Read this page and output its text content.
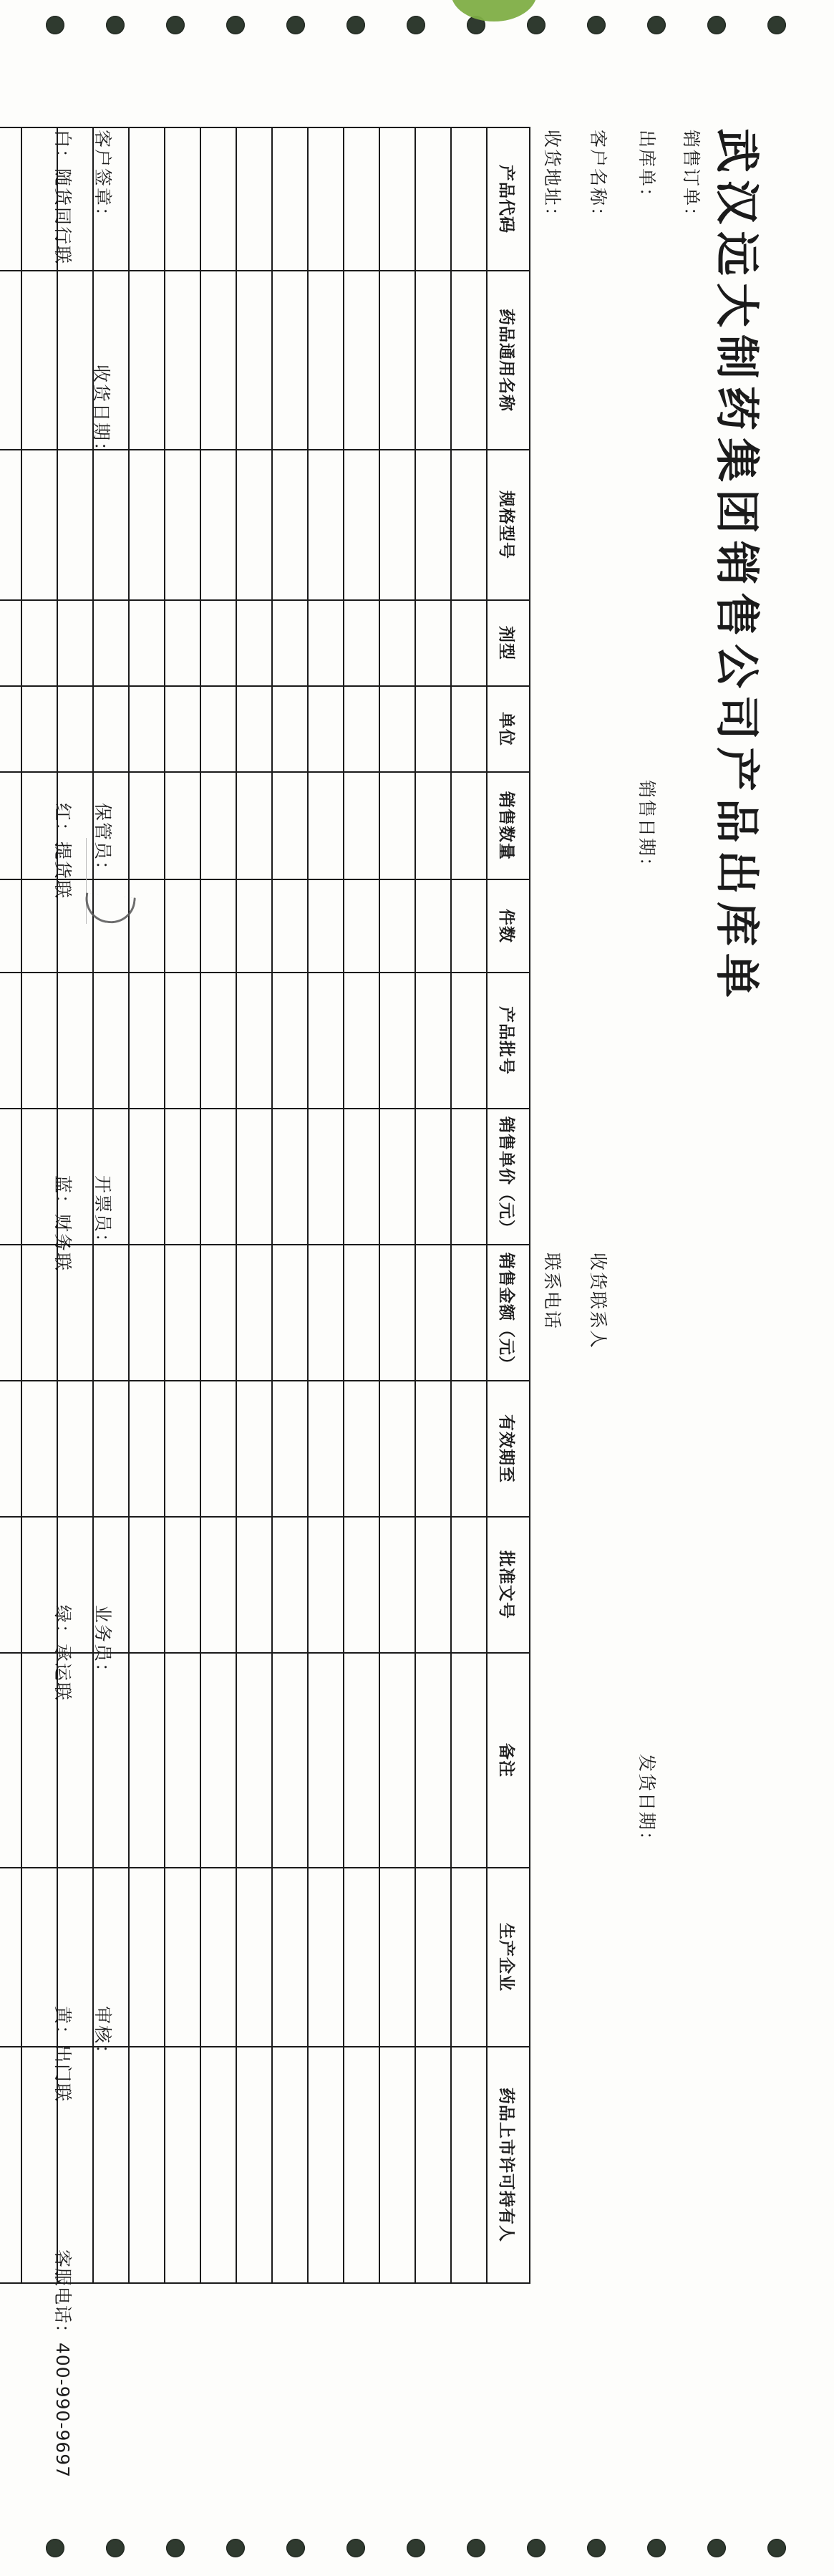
武汉远大制药集团销售公司产品出库单
销售订单：
出库单：
销售日期：
发货日期：
客户名称：
收货地址：
收货联系人
联系电话
产品代码	药品通用名称	规格型号	剂型	单位	销售数量	件数	产品批号	销售单价（元）	销售金额（元）	有效期至	批准文号	备注	生产企业	药品上市许可持有人

客户签章：
保管员：
开票员：
业务员：
审核：
白：随货同行联
红：提货联
蓝：财务联
绿：承运联
黄：出门联
客服电话：400-990-9697
收货日期：
